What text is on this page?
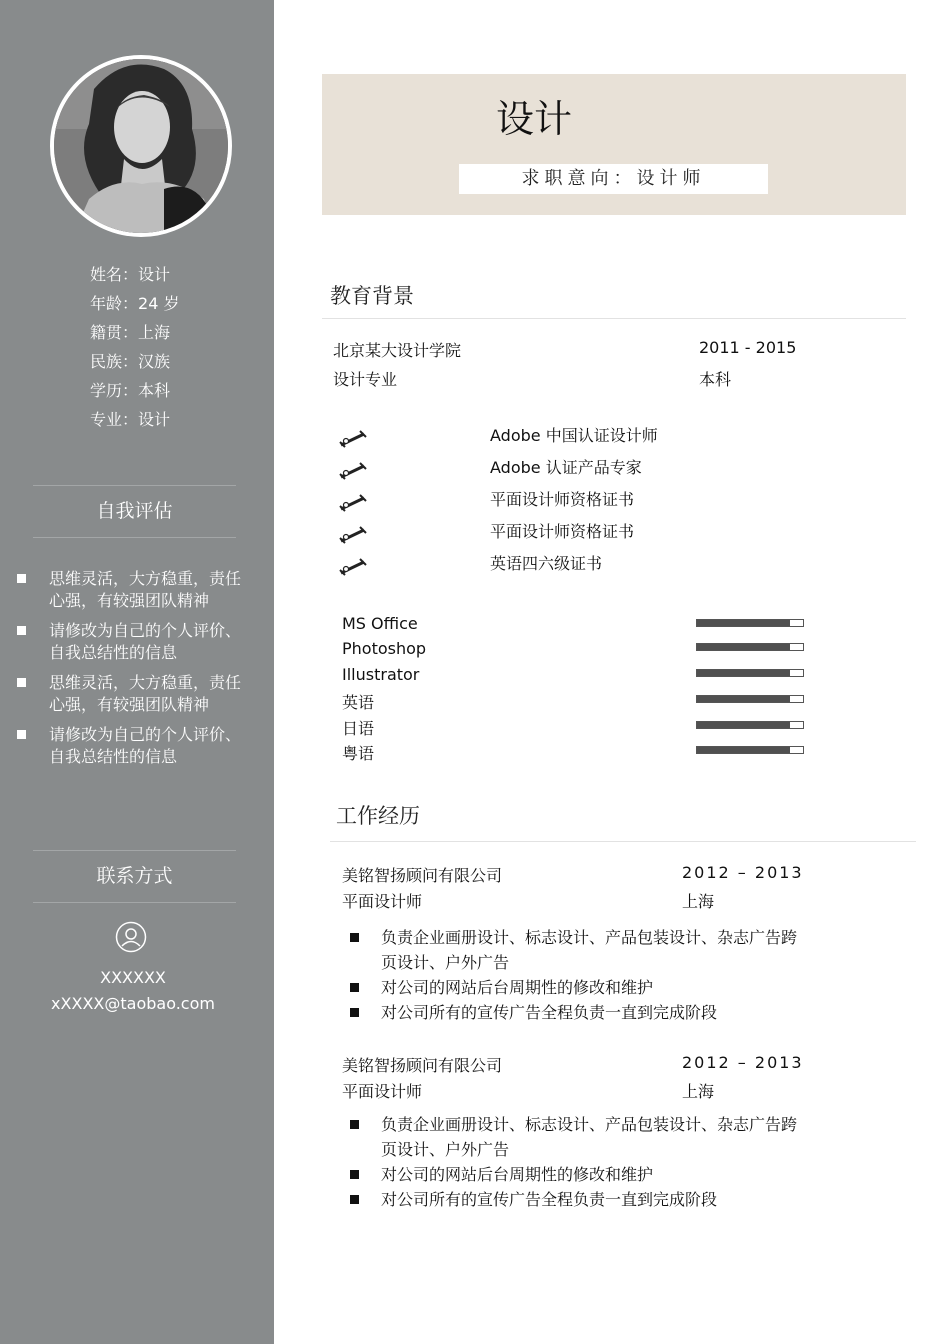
姓名：设计
年龄：24 岁
籍贯：上海
民族：汉族
学历：本科
专业：设计
自我评估
思维灵活，大方稳重，责任心强，有较强团队精神
请修改为自己的个人评价、自我总结性的信息
思维灵活，大方稳重，责任心强，有较强团队精神
请修改为自己的个人评价、自我总结性的信息
联系方式
XXXXXX
xXXXX@taobao.com
设计
求职意向：设计师
教育背景
北京某大设计学院	2011 - 2015
设计专业	本科
Adobe 中国认证设计师
Adobe 认证产品专家
平面设计师资格证书
平面设计师资格证书
英语四六级证书
MS Office
Photoshop
Illustrator
英语
日语
粤语
工作经历
美铭智扬顾问有限公司	2012 – 2013
平面设计师	上海
负责企业画册设计、标志设计、产品包装设计、杂志广告跨页设计、户外广告
对公司的网站后台周期性的修改和维护
对公司所有的宣传广告全程负责一直到完成阶段
美铭智扬顾问有限公司	2012 – 2013
平面设计师	上海
负责企业画册设计、标志设计、产品包装设计、杂志广告跨页设计、户外广告
对公司的网站后台周期性的修改和维护
对公司所有的宣传广告全程负责一直到完成阶段
